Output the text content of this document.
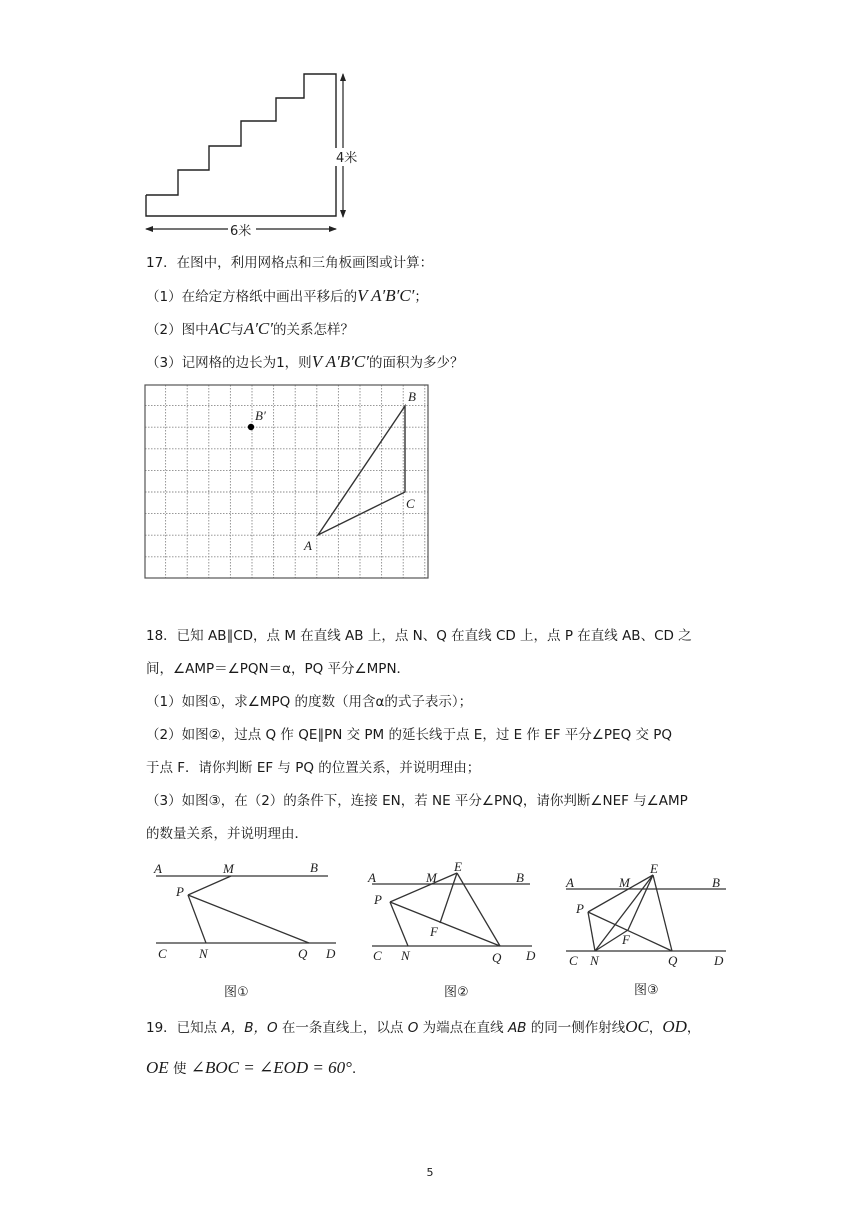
4米
6米
17．在图中，利用网格点和三角板画图或计算：
（1）在给定方格纸中画出平移后的V A′B′C′；
（2）图中AC与A′C′的关系怎样？
（3）记网格的边长为1，则V A′B′C′的面积为多少？
B′
B
C
A
18．已知 AB∥CD，点 M 在直线 AB 上，点 N、Q 在直线 CD 上，点 P 在直线 AB、CD 之
间，∠AMP＝∠PQN＝α，PQ 平分∠MPN．
（1）如图①，求∠MPQ 的度数（用含α的式子表示）；
（2）如图②，过点 Q 作 QE∥PN 交 PM 的延长线于点 E，过 E 作 EF 平分∠PEQ 交 PQ
于点 F．请你判断 EF 与 PQ 的位置关系，并说明理由；
（3）如图③，在（2）的条件下，连接 EN，若 NE 平分∠PNQ，请你判断∠NEF 与∠AMP
的数量关系，并说明理由．
A	M	B
P
C N	Q D
图①
A	M
E
B
P
F
C N	Q D
图②
A	M
E
B
P
F
C N	Q	D
图③
19．已知点 A，B，O 在一条直线上，以点 O 为端点在直线 AB 的同一侧作射线OC，OD，
OE 使 ∠BOC = ∠EOD = 60°．
5
